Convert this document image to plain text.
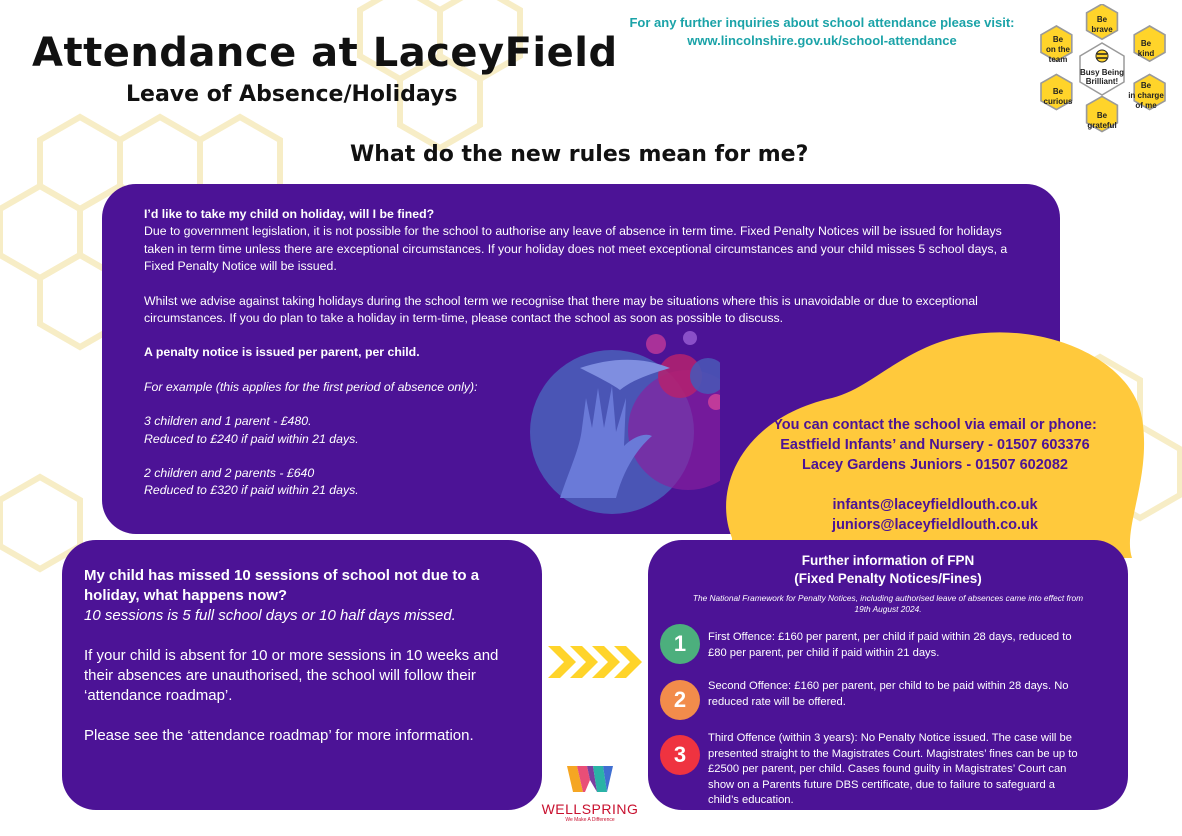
Attendance at LaceyField
Leave of Absence/Holidays
For any further inquiries about school attendance please visit:
www.lincolnshire.gov.uk/school-attendance
Busy Being Brilliant!
Be brave
Be on the team
Be kind
Be curious
Be in charge of me
Be grateful
What do the new rules mean for me?

I’d like to take my child on holiday, will I be fined?
Due to government legislation, it is not possible for the school to authorise any leave of absence in term time. Fixed Penalty Notices will be issued for holidays taken in term time unless there are exceptional circumstances. If your holiday does not meet exceptional circumstances and your child misses 5 school days, a Fixed Penalty Notice will be issued.

Whilst we advise against taking holidays during the school term we recognise that there may be situations where this is unavoidable or due to exceptional circumstances. If you do plan to take a holiday in term-time, please contact the school as soon as possible to discuss.

A penalty notice is issued per parent, per child.

For example (this applies for the first period of absence only):

3 children and 1 parent - £480.
Reduced to £240 if paid within 21 days.

2 children and 2 parents - £640
Reduced to £320 if paid within 21 days.

You can contact the school via email or phone:
Eastfield Infants’ and Nursery - 01507 603376
Lacey Gardens Juniors - 01507 602082
infants@laceyfieldlouth.co.uk
juniors@laceyfieldlouth.co.uk

My child has missed 10 sessions of school not due to a holiday, what happens now?
10 sessions is 5 full school days or 10 half days missed.

If your child is absent for 10 or more sessions in 10 weeks and their absences are unauthorised, the school will follow their ‘attendance roadmap’.

Please see the ‘attendance roadmap’ for more information.

Further information of FPN
(Fixed Penalty Notices/Fines)
The National Framework for Penalty Notices, including authorised leave of absences came into effect from 19th August 2024.
1	First Offence: £160 per parent, per child if paid within 28 days, reduced to £80 per parent, per child if paid within 21 days.
2
Second Offence: £160 per parent, per child to be paid within 28 days. No reduced rate will be offered.
3
Third Offence (within 3 years): No Penalty Notice issued. The case will be presented straight to the Magistrates Court. Magistrates’ fines can be up to £2500 per parent, per child. Cases found guilty in Magistrates’ Court can show on a Parents future DBS certificate, due to failure to safeguard a child’s education.
WELLSPRING
We Make A Difference
